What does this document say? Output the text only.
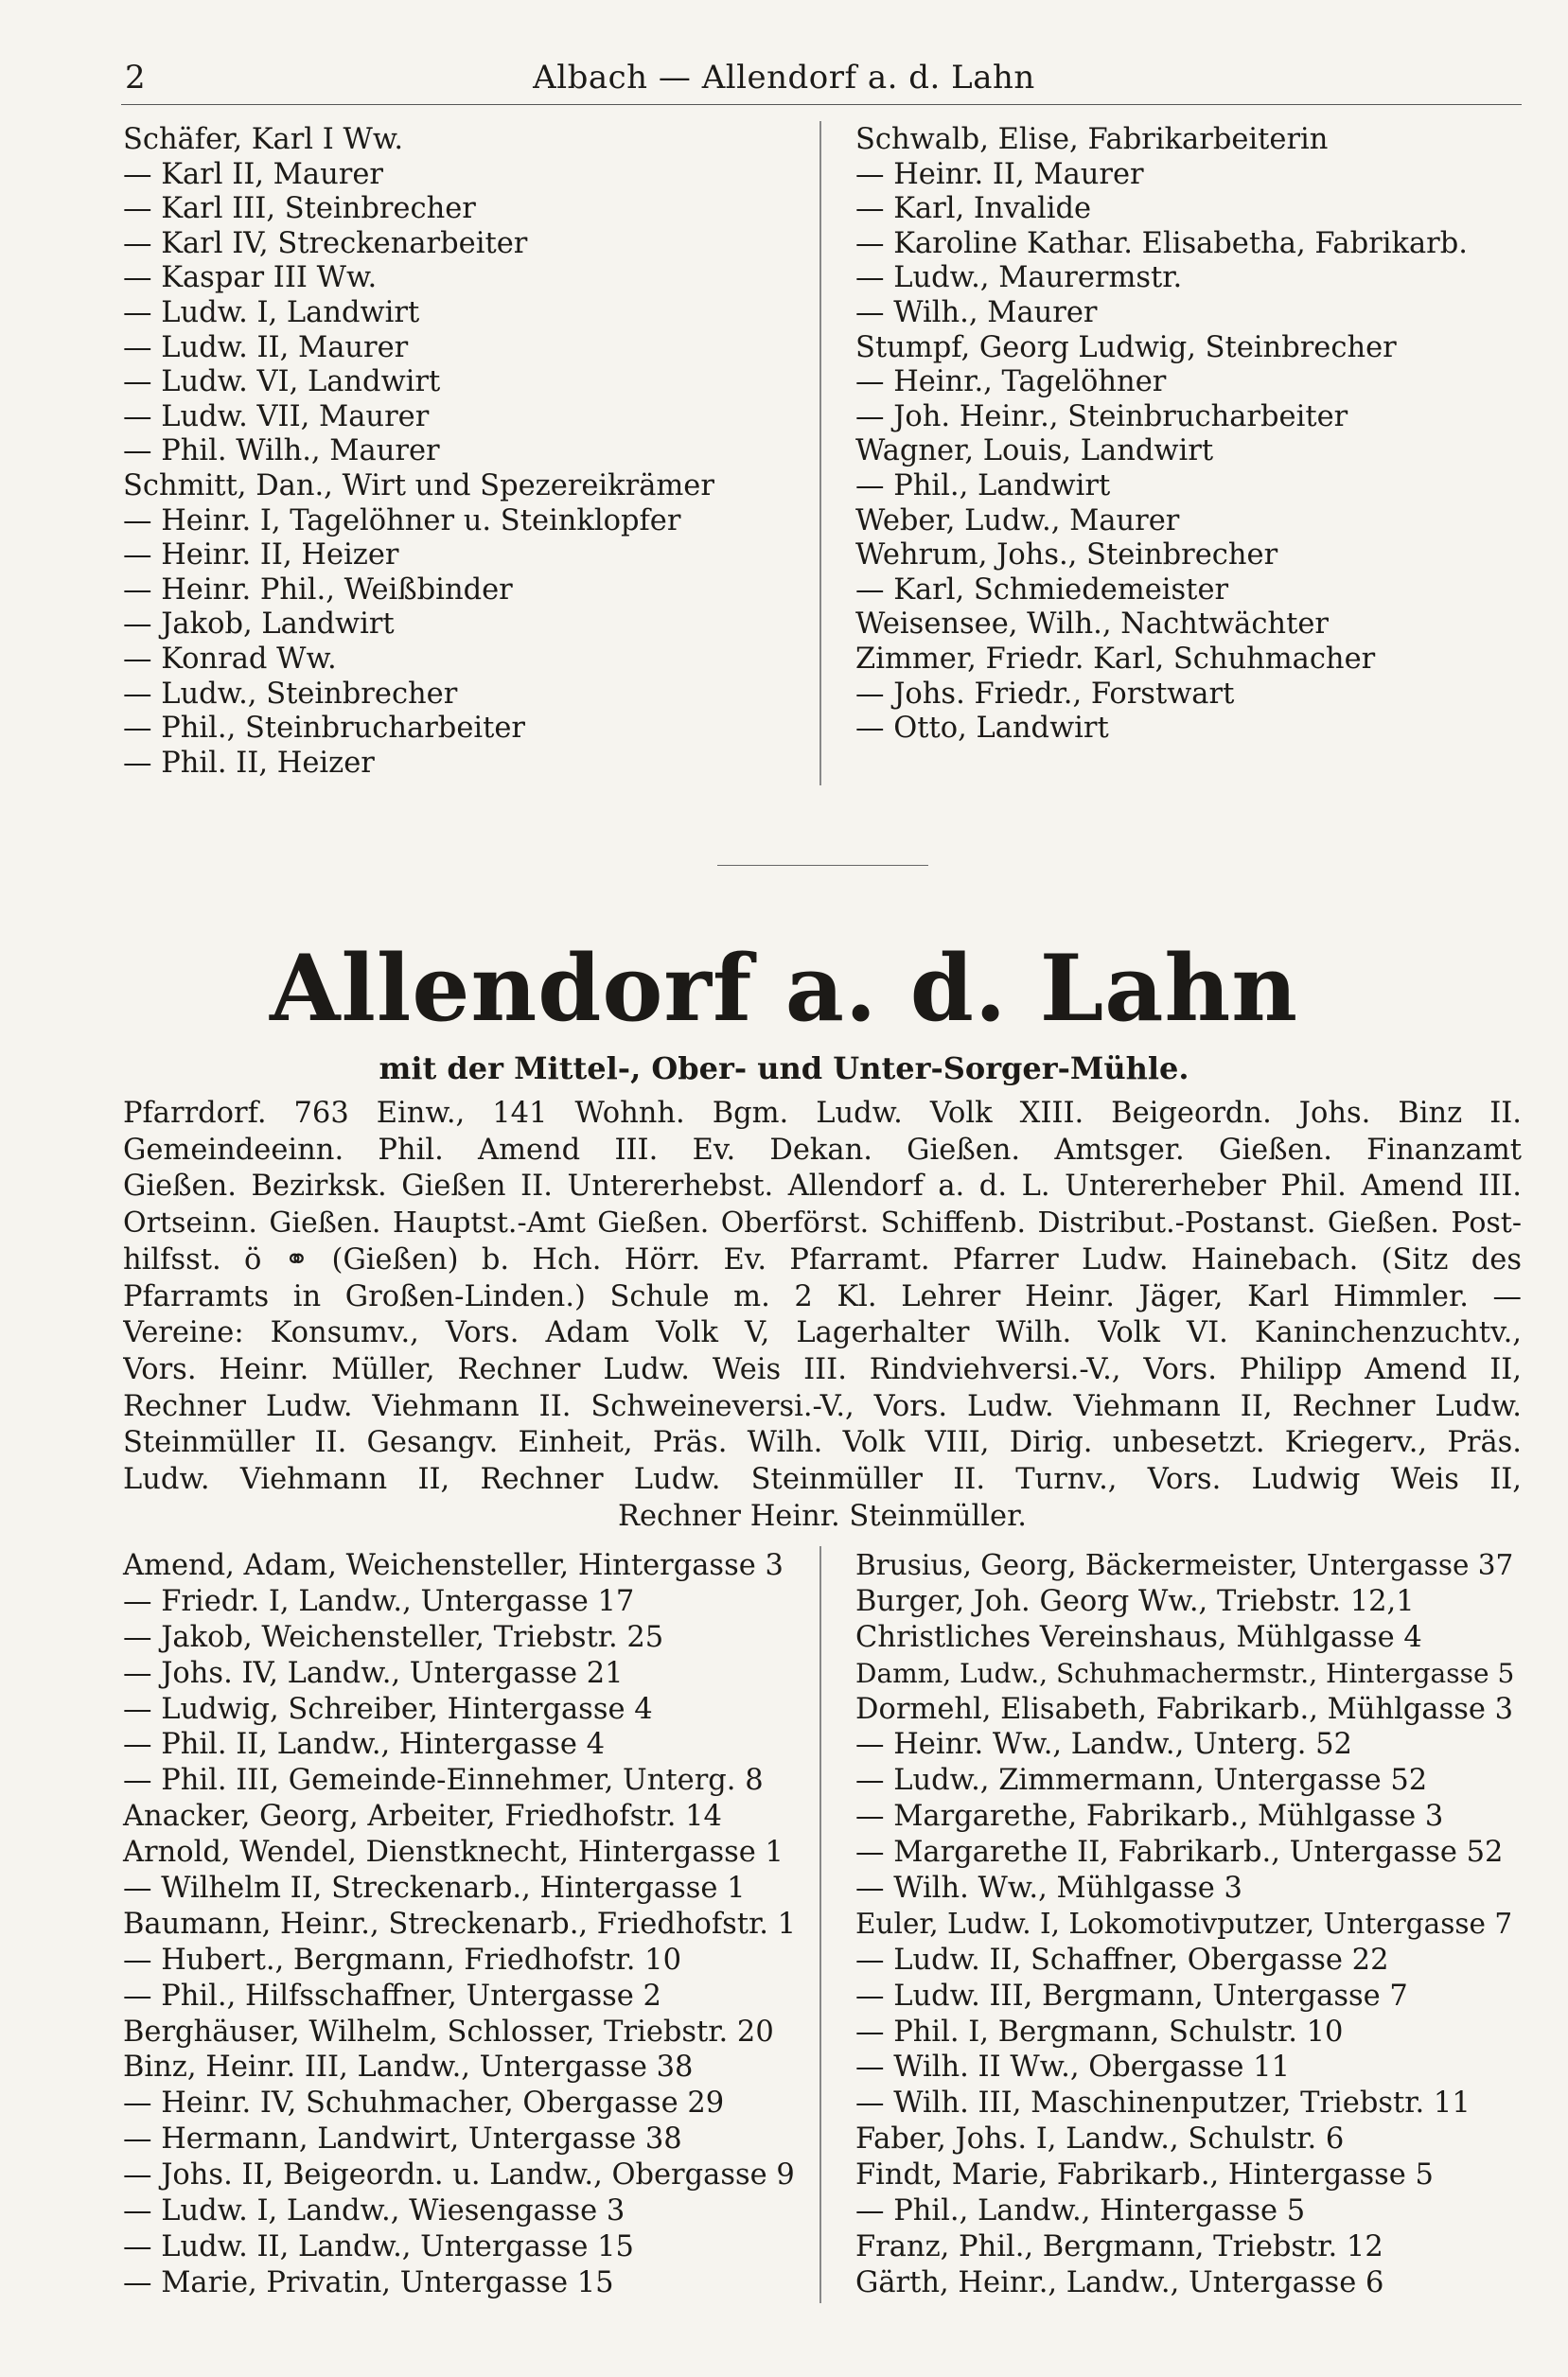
2	Albach — Allendorf a. d. Lahn
Schäfer, Karl I Ww.
— Karl II, Maurer
— Karl III, Steinbrecher
— Karl IV, Streckenarbeiter
— Kaspar III Ww.
— Ludw. I, Landwirt
— Ludw. II, Maurer
— Ludw. VI, Landwirt
— Ludw. VII, Maurer
— Phil. Wilh., Maurer
Schmitt, Dan., Wirt und Spezereikrämer
— Heinr. I, Tagelöhner u. Steinklopfer
— Heinr. II, Heizer
— Heinr. Phil., Weißbinder
— Jakob, Landwirt
— Konrad Ww.
— Ludw., Steinbrecher
— Phil., Steinbrucharbeiter
— Phil. II, Heizer
Schwalb, Elise, Fabrikarbeiterin
— Heinr. II, Maurer
— Karl, Invalide
— Karoline Kathar. Elisabetha, Fabrikarb.
— Ludw., Maurermstr.
— Wilh., Maurer
Stumpf, Georg Ludwig, Steinbrecher
— Heinr., Tagelöhner
— Joh. Heinr., Steinbrucharbeiter
Wagner, Louis, Landwirt
— Phil., Landwirt
Weber, Ludw., Maurer
Wehrum, Johs., Steinbrecher
— Karl, Schmiedemeister
Weisensee, Wilh., Nachtwächter
Zimmer, Friedr. Karl, Schuhmacher
— Johs. Friedr., Forstwart
— Otto, Landwirt
Allendorf a. d. Lahn
mit der Mittel-, Ober- und Unter-Sorger-Mühle.
Pfarrdorf. 763 Einw., 141 Wohnh. Bgm. Ludw. Volk XIII. Beigeordn. Johs. Binz II.
Gemeindeeinn. Phil. Amend III. Ev. Dekan. Gießen. Amtsger. Gießen. Finanzamt
Gießen. Bezirksk. Gießen II. Untererhebst. Allendorf a. d. L. Untererheber Phil. Amend III.
Ortseinn. Gießen. Hauptst.-Amt Gießen. Oberförst. Schiffenb. Distribut.-Postanst. Gießen. Post-
hilfsst. ö ⚭ (Gießen) b. Hch. Hörr. Ev. Pfarramt. Pfarrer Ludw. Hainebach. (Sitz des
Pfarramts in Großen-Linden.) Schule m. 2 Kl. Lehrer Heinr. Jäger, Karl Himmler. —
Vereine: Konsumv., Vors. Adam Volk V, Lagerhalter Wilh. Volk VI. Kaninchenzuchtv.,
Vors. Heinr. Müller, Rechner Ludw. Weis III. Rindviehversi.-V., Vors. Philipp Amend II,
Rechner Ludw. Viehmann II. Schweineversi.-V., Vors. Ludw. Viehmann II, Rechner Ludw.
Steinmüller II. Gesangv. Einheit, Präs. Wilh. Volk VIII, Dirig. unbesetzt. Kriegerv., Präs.
Ludw. Viehmann II, Rechner Ludw. Steinmüller II. Turnv., Vors. Ludwig Weis II,
Rechner Heinr. Steinmüller.
Amend, Adam, Weichensteller, Hintergasse 3
— Friedr. I, Landw., Untergasse 17
— Jakob, Weichensteller, Triebstr. 25
— Johs. IV, Landw., Untergasse 21
— Ludwig, Schreiber, Hintergasse 4
— Phil. II, Landw., Hintergasse 4
— Phil. III, Gemeinde-Einnehmer, Unterg. 8
Anacker, Georg, Arbeiter, Friedhofstr. 14
Arnold, Wendel, Dienstknecht, Hintergasse 1
— Wilhelm II, Streckenarb., Hintergasse 1
Baumann, Heinr., Streckenarb., Friedhofstr. 1
— Hubert., Bergmann, Friedhofstr. 10
— Phil., Hilfsschaffner, Untergasse 2
Berghäuser, Wilhelm, Schlosser, Triebstr. 20
Binz, Heinr. III, Landw., Untergasse 38
— Heinr. IV, Schuhmacher, Obergasse 29
— Hermann, Landwirt, Untergasse 38
— Johs. II, Beigeordn. u. Landw., Obergasse 9
— Ludw. I, Landw., Wiesengasse 3
— Ludw. II, Landw., Untergasse 15
— Marie, Privatin, Untergasse 15
Brusius, Georg, Bäckermeister, Untergasse 37
Burger, Joh. Georg Ww., Triebstr. 12,1
Christliches Vereinshaus, Mühlgasse 4
Damm, Ludw., Schuhmachermstr., Hintergasse 5
Dormehl, Elisabeth, Fabrikarb., Mühlgasse 3
— Heinr. Ww., Landw., Unterg. 52
— Ludw., Zimmermann, Untergasse 52
— Margarethe, Fabrikarb., Mühlgasse 3
— Margarethe II, Fabrikarb., Untergasse 52
— Wilh. Ww., Mühlgasse 3
Euler, Ludw. I, Lokomotivputzer, Untergasse 7
— Ludw. II, Schaffner, Obergasse 22
— Ludw. III, Bergmann, Untergasse 7
— Phil. I, Bergmann, Schulstr. 10
— Wilh. II Ww., Obergasse 11
— Wilh. III, Maschinenputzer, Triebstr. 11
Faber, Johs. I, Landw., Schulstr. 6
Findt, Marie, Fabrikarb., Hintergasse 5
— Phil., Landw., Hintergasse 5
Franz, Phil., Bergmann, Triebstr. 12
Gärth, Heinr., Landw., Untergasse 6
